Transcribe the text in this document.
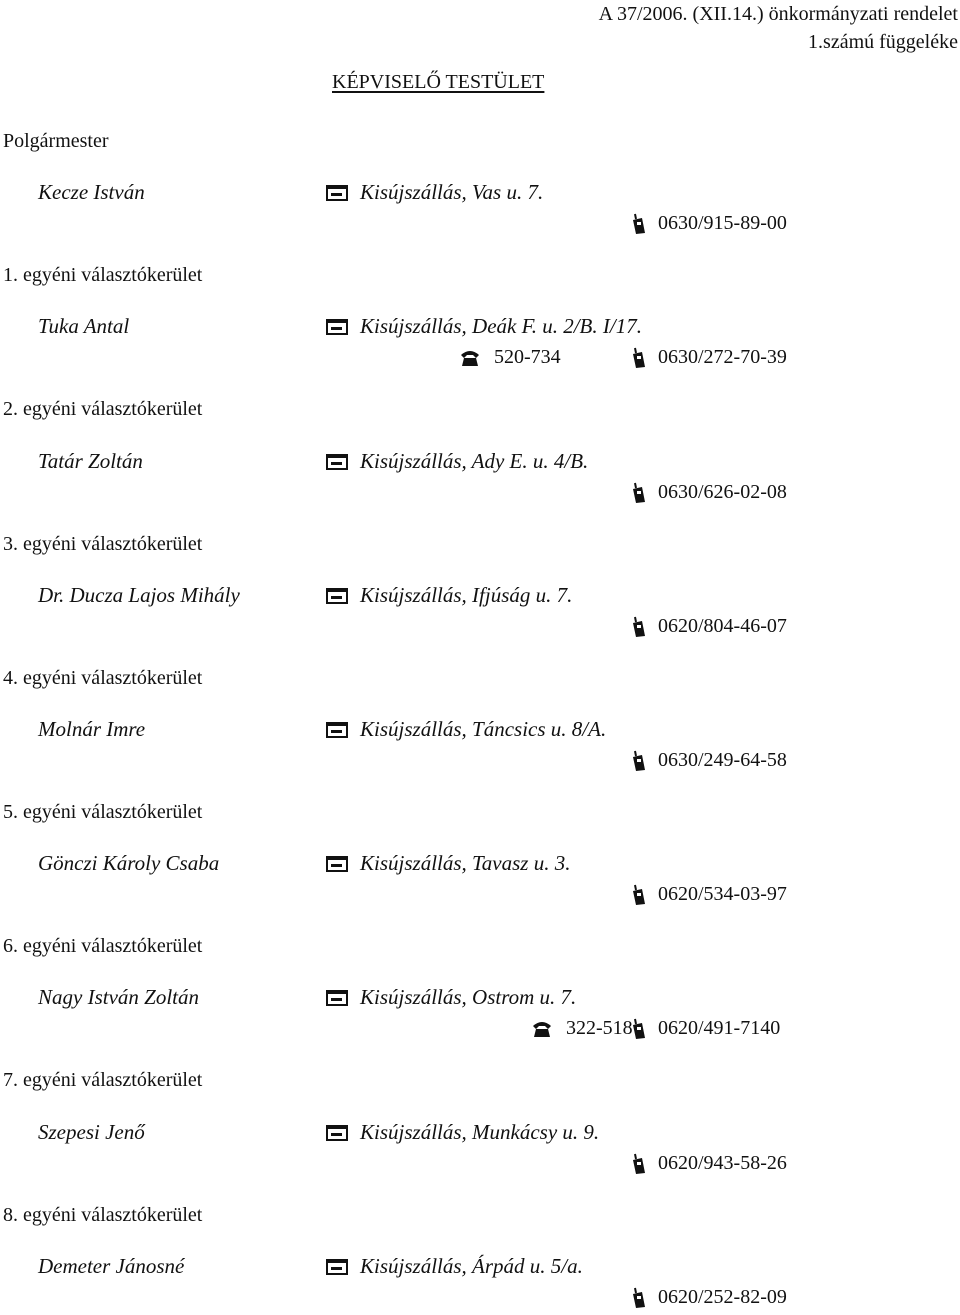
A 37/2006. (XII.14.) önkormányzati rendelet
1.számú függeléke
KÉPVISELŐ TESTÜLET
Polgármester
Kecze István	Kisújszállás, Vas u. 7.
0630/915-89-00
1. egyéni választókerület
Tuka Antal	Kisújszállás, Deák F. u. 2/B. I/17.
520-734	0630/272-70-39
2. egyéni választókerület
Tatár Zoltán	Kisújszállás, Ady E. u. 4/B.
0630/626-02-08
3. egyéni választókerület
Dr. Ducza Lajos Mihály	Kisújszállás, Ifjúság u. 7.
0620/804-46-07
4. egyéni választókerület
Molnár Imre	Kisújszállás, Táncsics u. 8/A.
0630/249-64-58
5. egyéni választókerület
Gönczi Károly Csaba	Kisújszállás, Tavasz u. 3.
0620/534-03-97
6. egyéni választókerület
Nagy István Zoltán	Kisújszállás, Ostrom u. 7.
322-518 0620/491-7140
7. egyéni választókerület
Szepesi Jenő	Kisújszállás, Munkácsy u. 9.
0620/943-58-26
8. egyéni választókerület
Demeter Jánosné	Kisújszállás, Árpád u. 5/a.
0620/252-82-09
